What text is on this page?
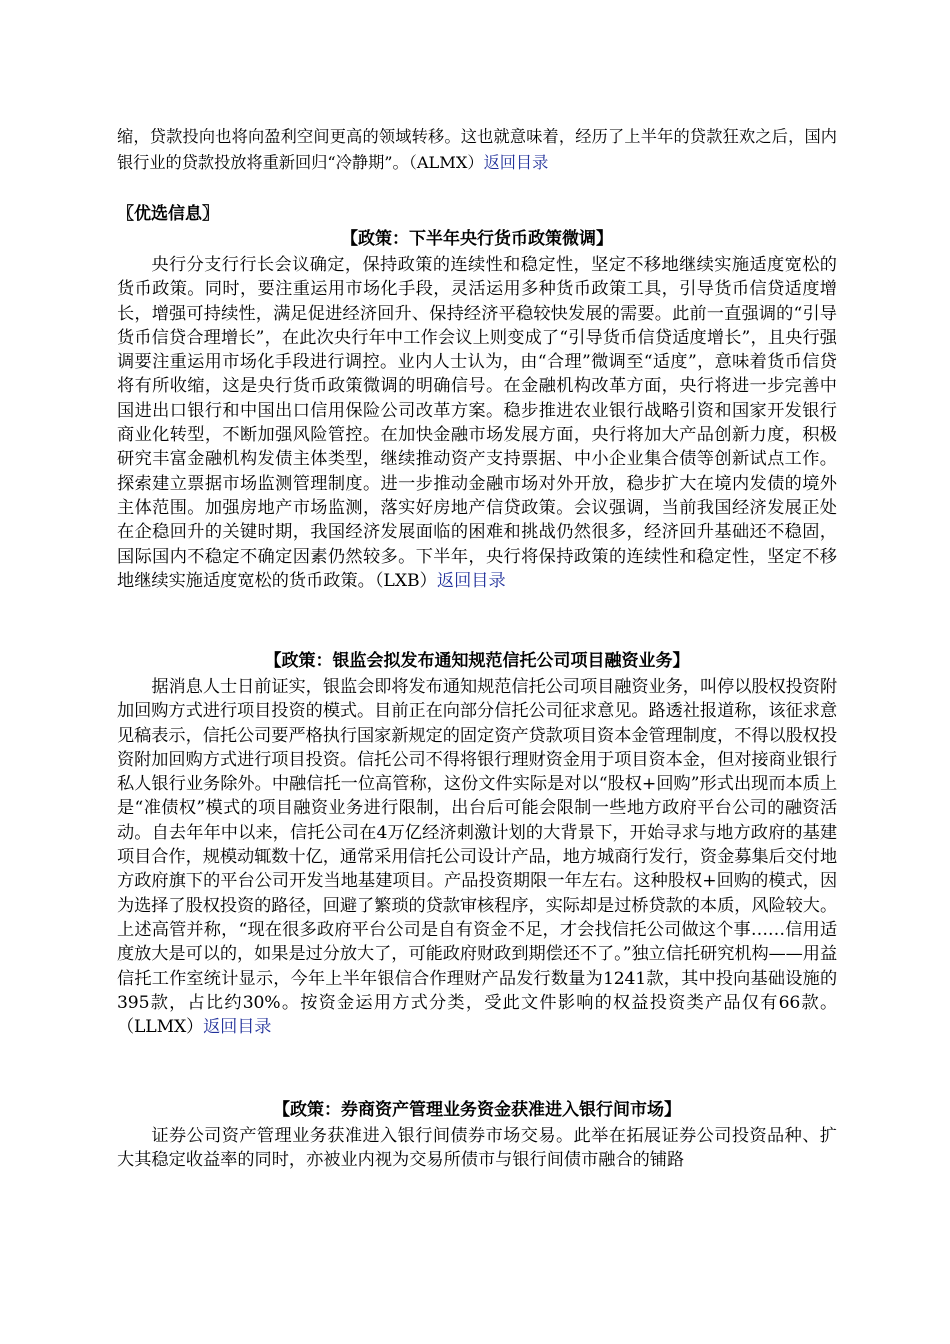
缩，贷款投向也将向盈利空间更高的领域转移。这也就意味着，经历了上半年的贷款狂欢之后，国内银行业的贷款投放将重新回归“冷静期”。（ALMX）返回目录

〖优选信息〗
【政策：下半年央行货币政策微调】

央行分支行行长会议确定，保持政策的连续性和稳定性，坚定不移地继续实施适度宽松的货币政策。同时，要注重运用市场化手段，灵活运用多种货币政策工具，引导货币信贷适度增长，增强可持续性，满足促进经济回升、保持经济平稳较快发展的需要。此前一直强调的“引导货币信贷合理增长”，在此次央行年中工作会议上则变成了“引导货币信贷适度增长”，且央行强调要注重运用市场化手段进行调控。业内人士认为，由“合理”微调至“适度”，意味着货币信贷将有所收缩，这是央行货币政策微调的明确信号。在金融机构改革方面，央行将进一步完善中国进出口银行和中国出口信用保险公司改革方案。稳步推进农业银行战略引资和国家开发银行商业化转型，不断加强风险管控。在加快金融市场发展方面，央行将加大产品创新力度，积极研究丰富金融机构发债主体类型，继续推动资产支持票据、中小企业集合债等创新试点工作。探索建立票据市场监测管理制度。进一步推动金融市场对外开放，稳步扩大在境内发债的境外主体范围。加强房地产市场监测，落实好房地产信贷政策。会议强调，当前我国经济发展正处在企稳回升的关键时期，我国经济发展面临的困难和挑战仍然很多，经济回升基础还不稳固，国际国内不稳定不确定因素仍然较多。下半年，央行将保持政策的连续性和稳定性，坚定不移地继续实施适度宽松的货币政策。（LXB）返回目录

【政策：银监会拟发布通知规范信托公司项目融资业务】

据消息人士日前证实，银监会即将发布通知规范信托公司项目融资业务，叫停以股权投资附加回购方式进行项目投资的模式。目前正在向部分信托公司征求意见。路透社报道称，该征求意见稿表示，信托公司要严格执行国家新规定的固定资产贷款项目资本金管理制度，不得以股权投资附加回购方式进行项目投资。信托公司不得将银行理财资金用于项目资本金，但对接商业银行私人银行业务除外。中融信托一位高管称，这份文件实际是对以“股权+回购”形式出现而本质上是“准债权”模式的项目融资业务进行限制，出台后可能会限制一些地方政府平台公司的融资活动。自去年年中以来，信托公司在4万亿经济刺激计划的大背景下，开始寻求与地方政府的基建项目合作，规模动辄数十亿，通常采用信托公司设计产品，地方城商行发行，资金募集后交付地方政府旗下的平台公司开发当地基建项目。产品投资期限一年左右。这种股权+回购的模式，因为选择了股权投资的路径，回避了繁琐的贷款审核程序，实际却是过桥贷款的本质，风险较大。上述高管并称，“现在很多政府平台公司是自有资金不足，才会找信托公司做这个事……信用适度放大是可以的，如果是过分放大了，可能政府财政到期偿还不了。”独立信托研究机构——用益信托工作室统计显示，今年上半年银信合作理财产品发行数量为1241款，其中投向基础设施的395款，占比约30%。按资金运用方式分类，受此文件影响的权益投资类产品仅有66款。（LLMX）返回目录

【政策：券商资产管理业务资金获准进入银行间市场】

证券公司资产管理业务获准进入银行间债券市场交易。此举在拓展证券公司投资品种、扩大其稳定收益率的同时，亦被业内视为交易所债市与银行间债市融合的铺路
